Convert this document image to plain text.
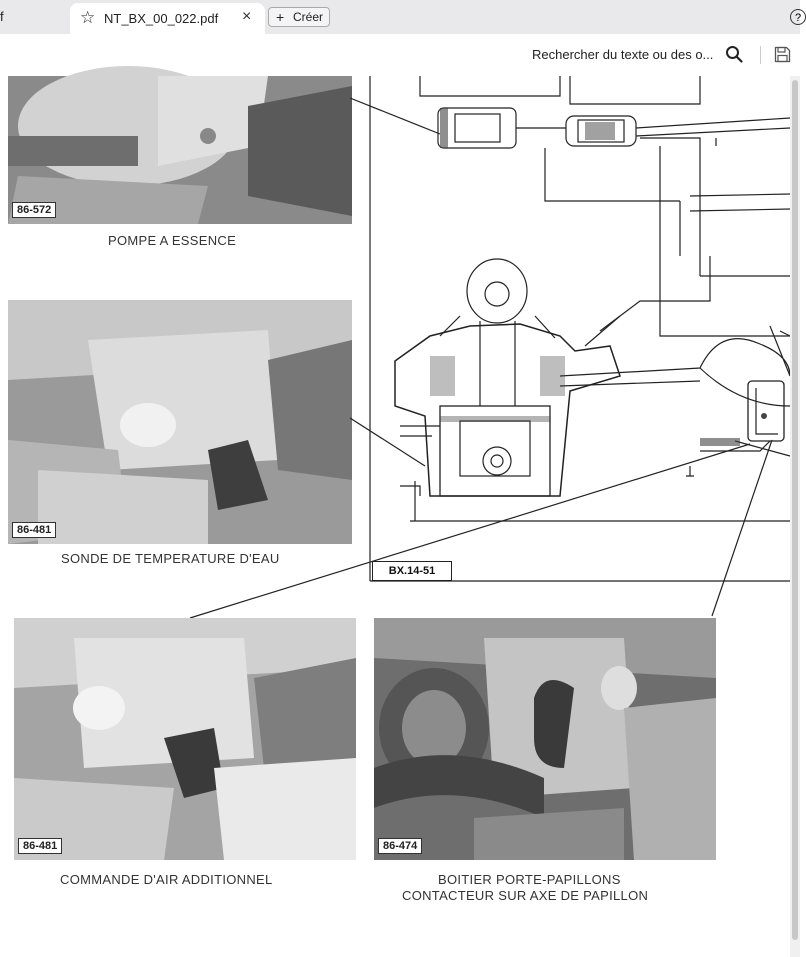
f	☆ NT_BX_00_022.pdf × + Créer	?
Rechercher du texte ou des o...
86-572
POMPE A ESSENCE
86-481
SONDE DE TEMPERATURE D'EAU
BX.14-51
86-481
COMMANDE D'AIR ADDITIONNEL
86-474
BOITIER PORTE-PAPILLONS
CONTACTEUR SUR AXE DE PAPILLON
